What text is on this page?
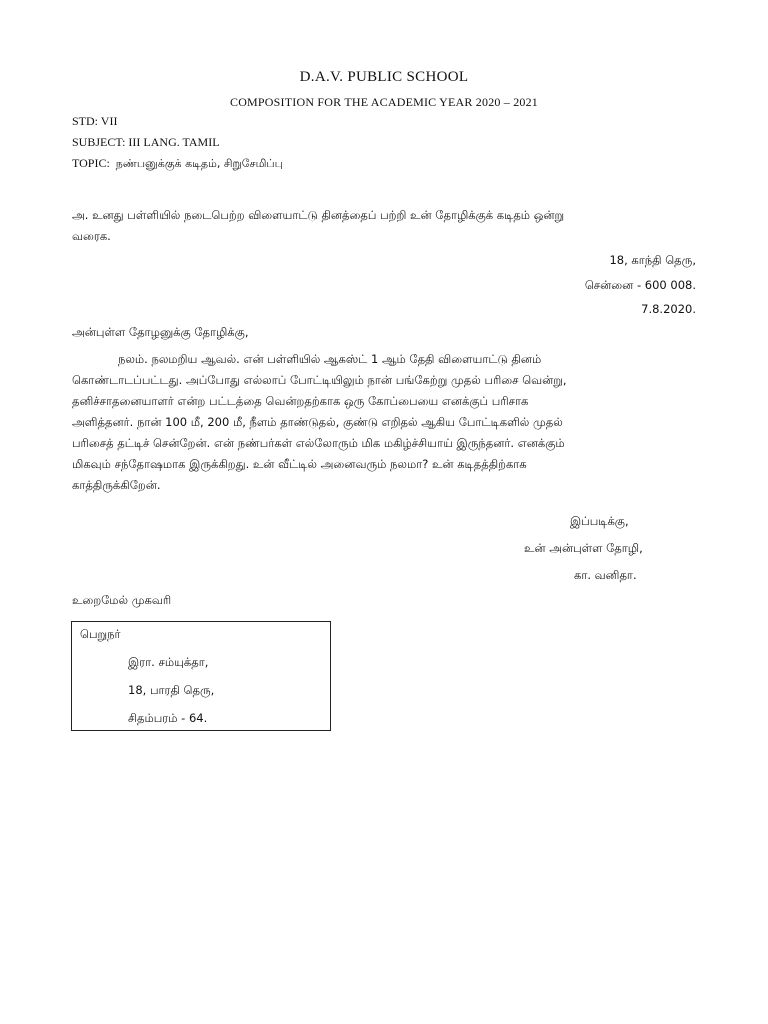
D.A.V. PUBLIC SCHOOL
COMPOSITION FOR THE ACADEMIC YEAR 2020 – 2021
STD: VII
SUBJECT: III LANG. TAMIL
TOPIC: நண்பனுக்குக் கடிதம், சிறுசேமிப்பு
அ. உனது பள்ளியில் நடைபெற்ற விளையாட்டு தினத்தைப் பற்றி உன் தோழிக்குக் கடிதம் ஒன்று
வரைக.
18, காந்தி தெரு,
சென்னை - 600 008.
7.8.2020.
அன்புள்ள தோழனுக்கு தோழிக்கு,
நலம். நலமறிய ஆவல். என் பள்ளியில் ஆகஸ்ட் 1 ஆம் தேதி விளையாட்டு தினம்
கொண்டாடப்பட்டது. அப்போது எல்லாப் போட்டியிலும் நான் பங்கேற்று முதல் பரிசை வென்று,
தனிச்சாதனையாளர் என்ற பட்டத்தை வென்றதற்காக ஒரு கோப்பையை எனக்குப் பரிசாக
அளித்தனர். நான் 100 மீ, 200 மீ, நீளம் தாண்டுதல், குண்டு எறிதல் ஆகிய போட்டிகளில் முதல்
பரிசைத் தட்டிச் சென்றேன். என் நண்பர்கள் எல்லோரும் மிக மகிழ்ச்சியாய் இருந்தனர். எனக்கும்
மிகவும் சந்தோஷமாக இருக்கிறது. உன் வீட்டில் அனைவரும் நலமா? உன் கடிதத்திற்காக
காத்திருக்கிறேன்.
இப்படிக்கு,
உன் அன்புள்ள தோழி,
கா. வனிதா.
உறைமேல் முகவரி
பெறுநர்
இரா. சம்யுக்தா,
18, பாரதி தெரு,
சிதம்பரம் - 64.
